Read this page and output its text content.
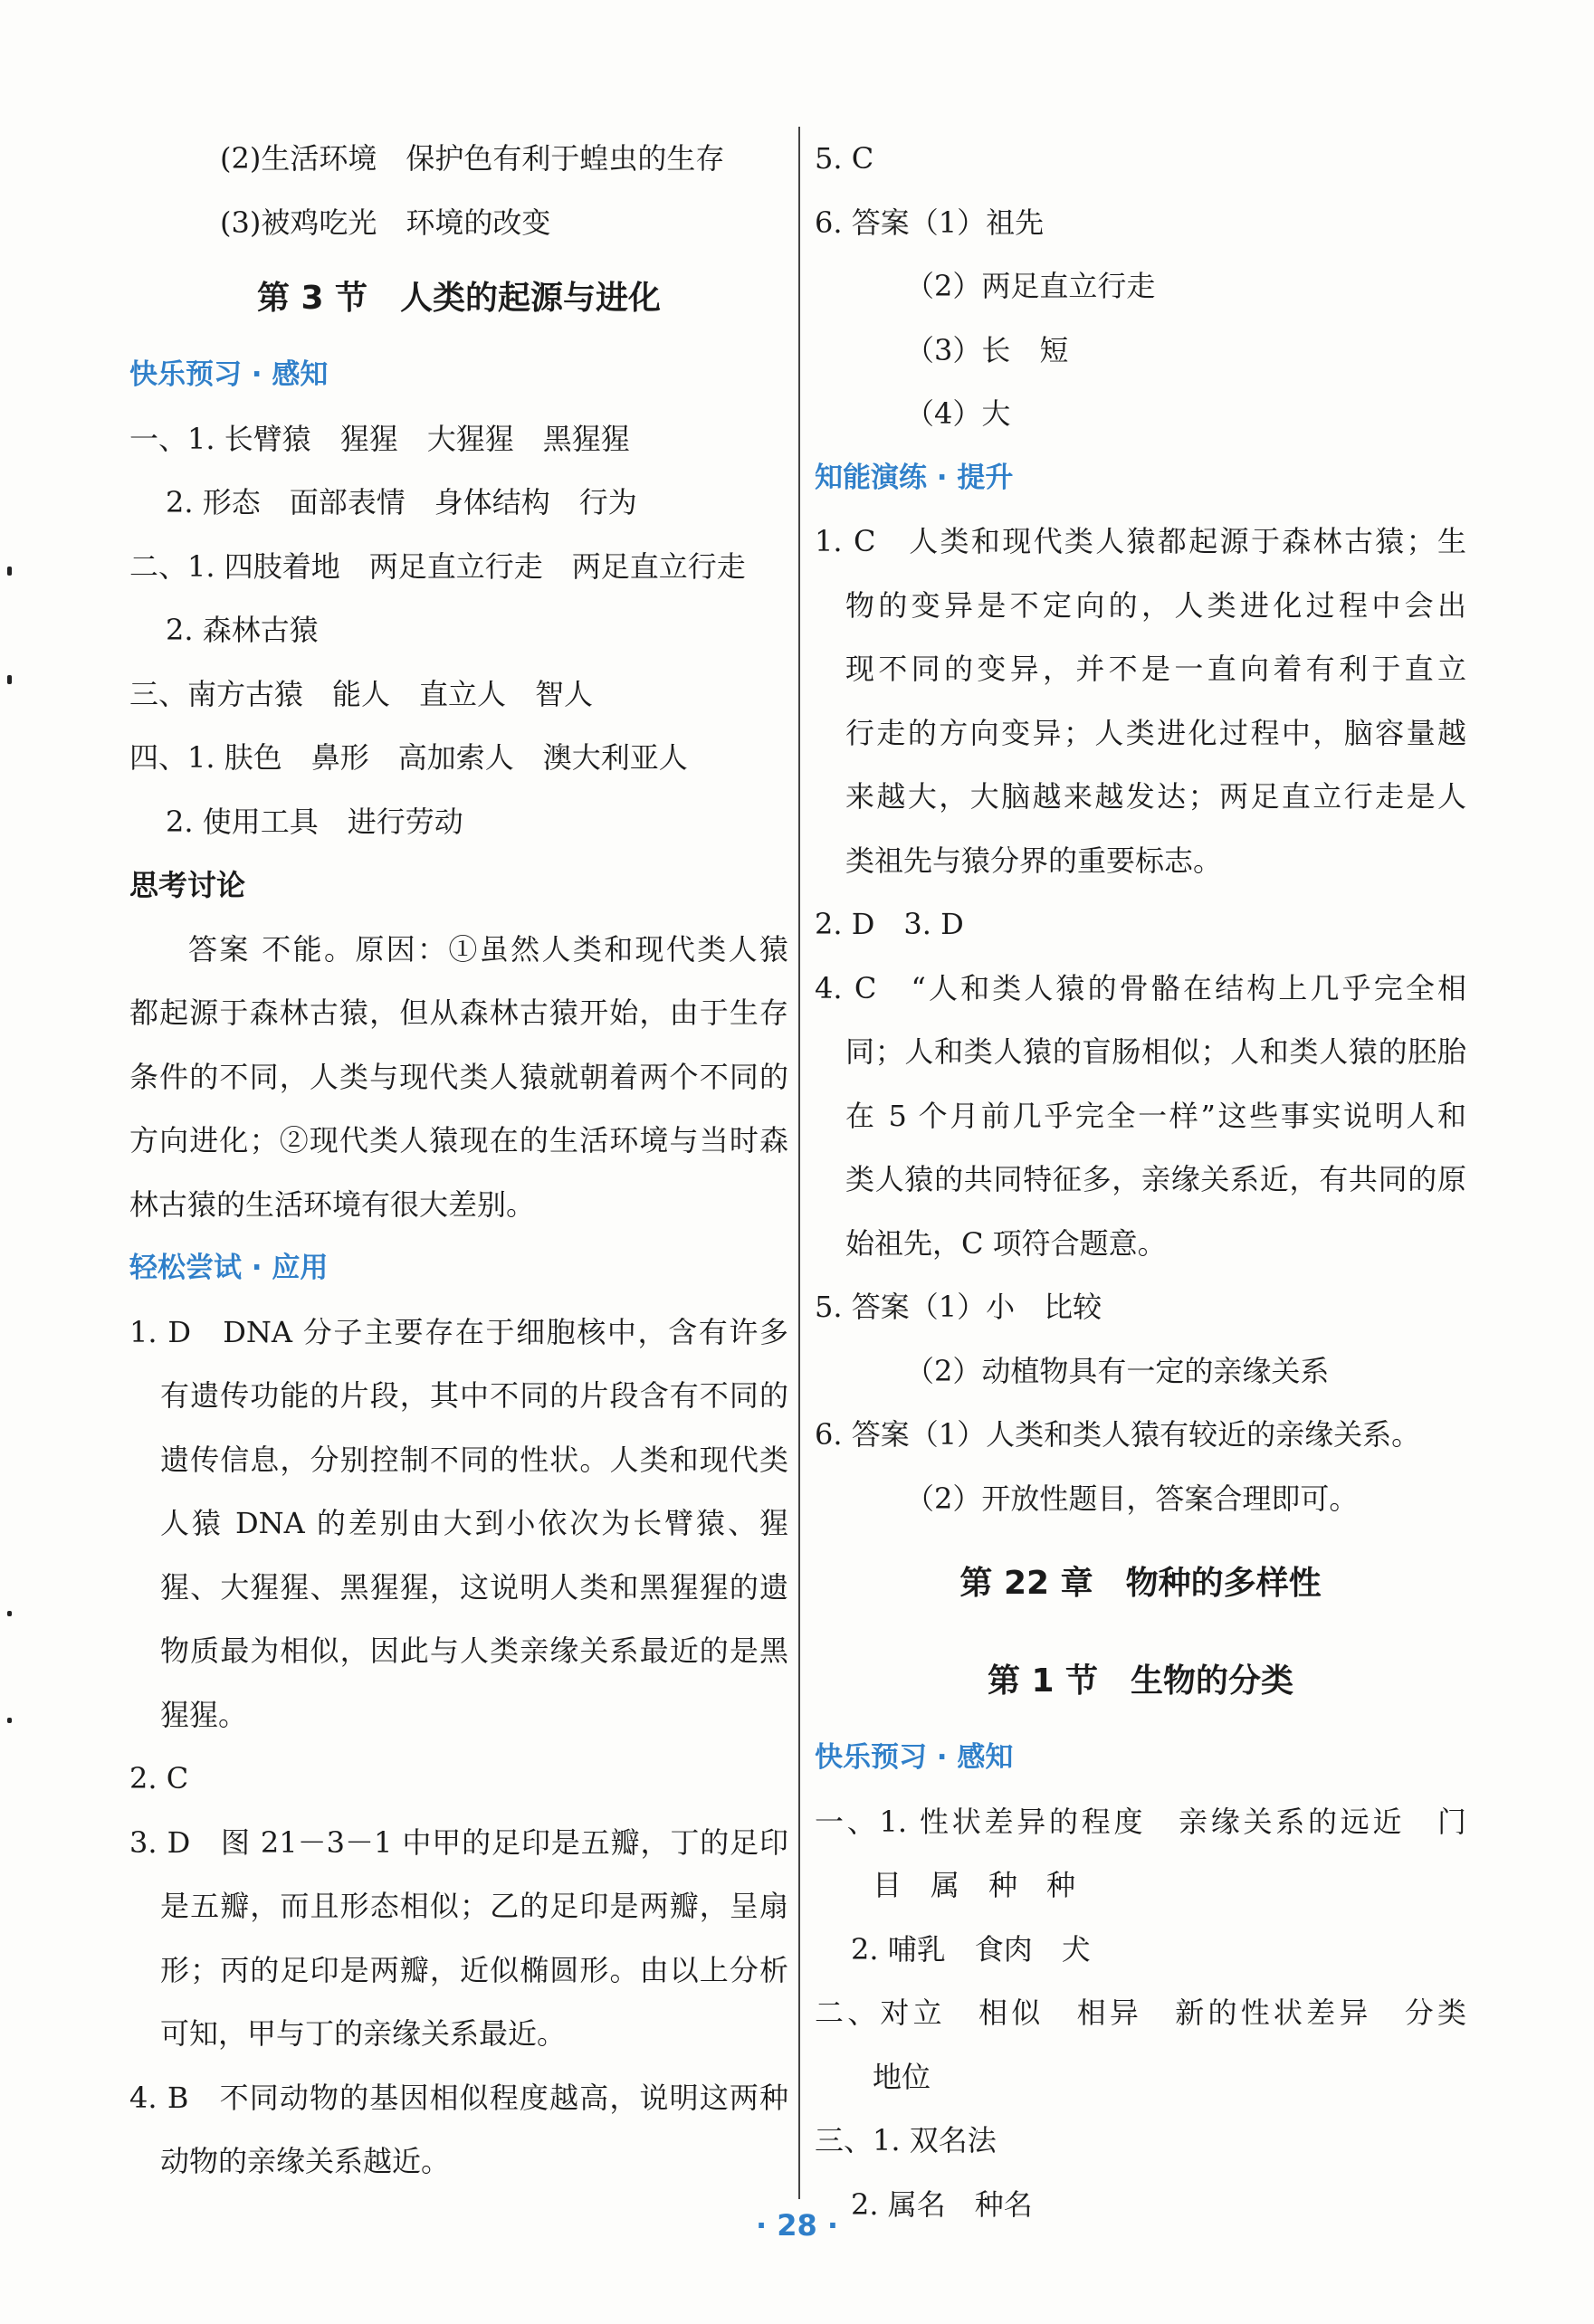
(2)生活环境　保护色有利于蝗虫的生存
(3)被鸡吃光　环境的改变
第 3 节　人类的起源与进化
快乐预习 · 感知
一、1. 长臂猿　猩猩　大猩猩　黑猩猩
2. 形态　面部表情　身体结构　行为
二、1. 四肢着地　两足直立行走　两足直立行走
2. 森林古猿
三、南方古猿　能人　直立人　智人
四、1. 肤色　鼻形　高加索人　澳大利亚人
2. 使用工具　进行劳动
思考讨论
答案 不能。原因：①虽然人类和现代类人猿
都起源于森林古猿，但从森林古猿开始，由于生存
条件的不同，人类与现代类人猿就朝着两个不同的
方向进化；②现代类人猿现在的生活环境与当时森
林古猿的生活环境有很大差别。
轻松尝试 · 应用
1. D　DNA 分子主要存在于细胞核中，含有许多
有遗传功能的片段，其中不同的片段含有不同的
遗传信息，分别控制不同的性状。人类和现代类
人猿 DNA 的差别由大到小依次为长臂猿、猩
猩、大猩猩、黑猩猩，这说明人类和黑猩猩的遗
物质最为相似，因此与人类亲缘关系最近的是黑
猩猩。
2. C
3. D　图 21－3－1 中甲的足印是五瓣，丁的足印
是五瓣，而且形态相似；乙的足印是两瓣，呈扇
形；丙的足印是两瓣，近似椭圆形。由以上分析
可知，甲与丁的亲缘关系最近。
4. B　不同动物的基因相似程度越高，说明这两种
动物的亲缘关系越近。
5. C
6. 答案（1）祖先
（2）两足直立行走
（3）长　短
（4）大
知能演练 · 提升
1. C　人类和现代类人猿都起源于森林古猿；生
物的变异是不定向的，人类进化过程中会出
现不同的变异，并不是一直向着有利于直立
行走的方向变异；人类进化过程中，脑容量越
来越大，大脑越来越发达；两足直立行走是人
类祖先与猿分界的重要标志。
2. D　3. D
4. C　“人和类人猿的骨骼在结构上几乎完全相
同；人和类人猿的盲肠相似；人和类人猿的胚胎
在 5 个月前几乎完全一样”这些事实说明人和
类人猿的共同特征多，亲缘关系近，有共同的原
始祖先，C 项符合题意。
5. 答案（1）小　比较
（2）动植物具有一定的亲缘关系
6. 答案（1）人类和类人猿有较近的亲缘关系。
（2）开放性题目，答案合理即可。
第 22 章　物种的多样性
第 1 节　生物的分类
快乐预习 · 感知
一、1. 性状差异的程度　亲缘关系的远近　门
　　目　属　种　种
2. 哺乳　食肉　犬
二、对立　相似　相异　新的性状差异　分类
　　地位
三、1. 双名法
2. 属名　种名
· 28 ·
